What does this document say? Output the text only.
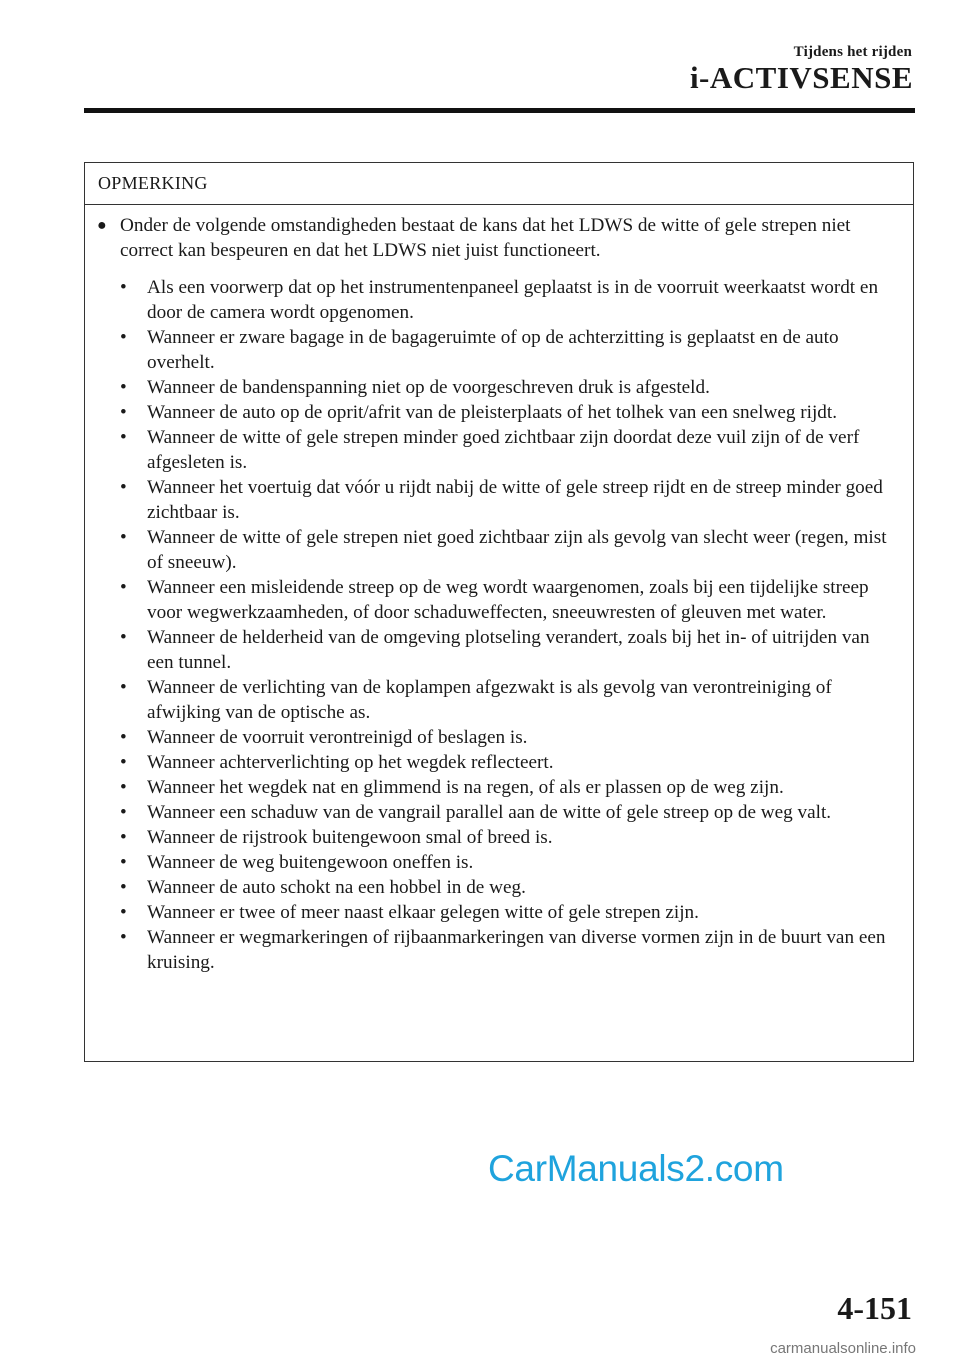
Tijdens het rijden
i-ACTIVSENSE
OPMERKING
● Onder de volgende omstandigheden bestaat de kans dat het LDWS de witte of gele strepen niet correct kan bespeuren en dat het LDWS niet juist functioneert.
• Als een voorwerp dat op het instrumentenpaneel geplaatst is in de voorruit weerkaatst wordt en door de camera wordt opgenomen.
• Wanneer er zware bagage in de bagageruimte of op de achterzitting is geplaatst en de auto overhelt.
• Wanneer de bandenspanning niet op de voorgeschreven druk is afgesteld.
• Wanneer de auto op de oprit/afrit van de pleisterplaats of het tolhek van een snelweg rijdt.
• Wanneer de witte of gele strepen minder goed zichtbaar zijn doordat deze vuil zijn of de verf afgesleten is.
• Wanneer het voertuig dat vóór u rijdt nabij de witte of gele streep rijdt en de streep minder goed zichtbaar is.
• Wanneer de witte of gele strepen niet goed zichtbaar zijn als gevolg van slecht weer (regen, mist of sneeuw).
• Wanneer een misleidende streep op de weg wordt waargenomen, zoals bij een tijdelijke streep voor wegwerkzaamheden, of door schaduweffecten, sneeuwresten of gleuven met water.
• Wanneer de helderheid van de omgeving plotseling verandert, zoals bij het in- of uitrijden van een tunnel.
• Wanneer de verlichting van de koplampen afgezwakt is als gevolg van verontreiniging of afwijking van de optische as.
• Wanneer de voorruit verontreinigd of beslagen is.
• Wanneer achterverlichting op het wegdek reflecteert.
• Wanneer het wegdek nat en glimmend is na regen, of als er plassen op de weg zijn.
• Wanneer een schaduw van de vangrail parallel aan de witte of gele streep op de weg valt.
• Wanneer de rijstrook buitengewoon smal of breed is.
• Wanneer de weg buitengewoon oneffen is.
• Wanneer de auto schokt na een hobbel in de weg.
• Wanneer er twee of meer naast elkaar gelegen witte of gele strepen zijn.
• Wanneer er wegmarkeringen of rijbaanmarkeringen van diverse vormen zijn in de buurt van een kruising.
CarManuals2.com
4-151
carmanualsonline.info
